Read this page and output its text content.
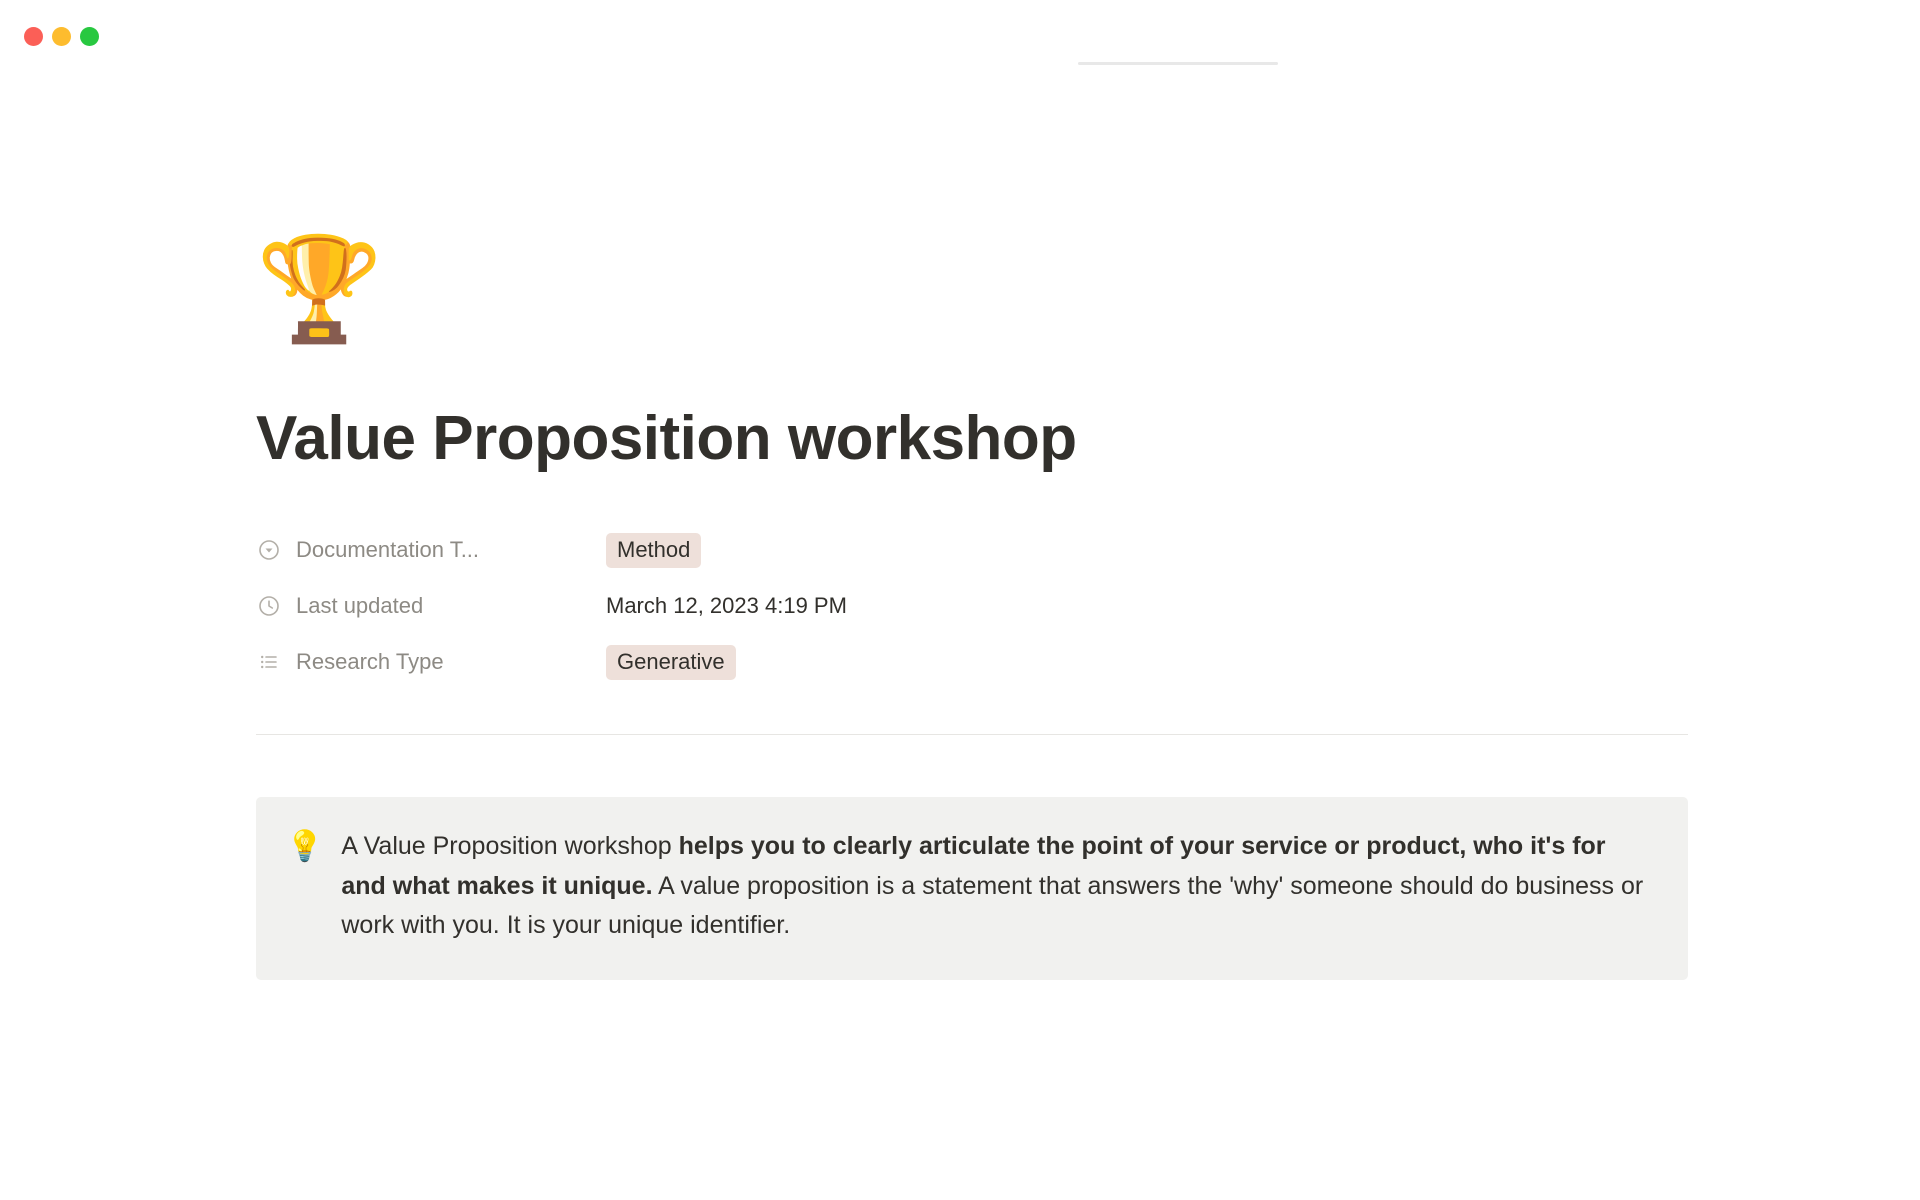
🏆
Value Proposition workshop
Documentation T...	Method
Last updated	March 12, 2023 4:19 PM
Research Type	Generative
💡 A Value Proposition workshop helps you to clearly articulate the point of your service or product, who it's for and what makes it unique. A value proposition is a statement that answers the 'why' someone should do business or work with you. It is your unique identifier.
